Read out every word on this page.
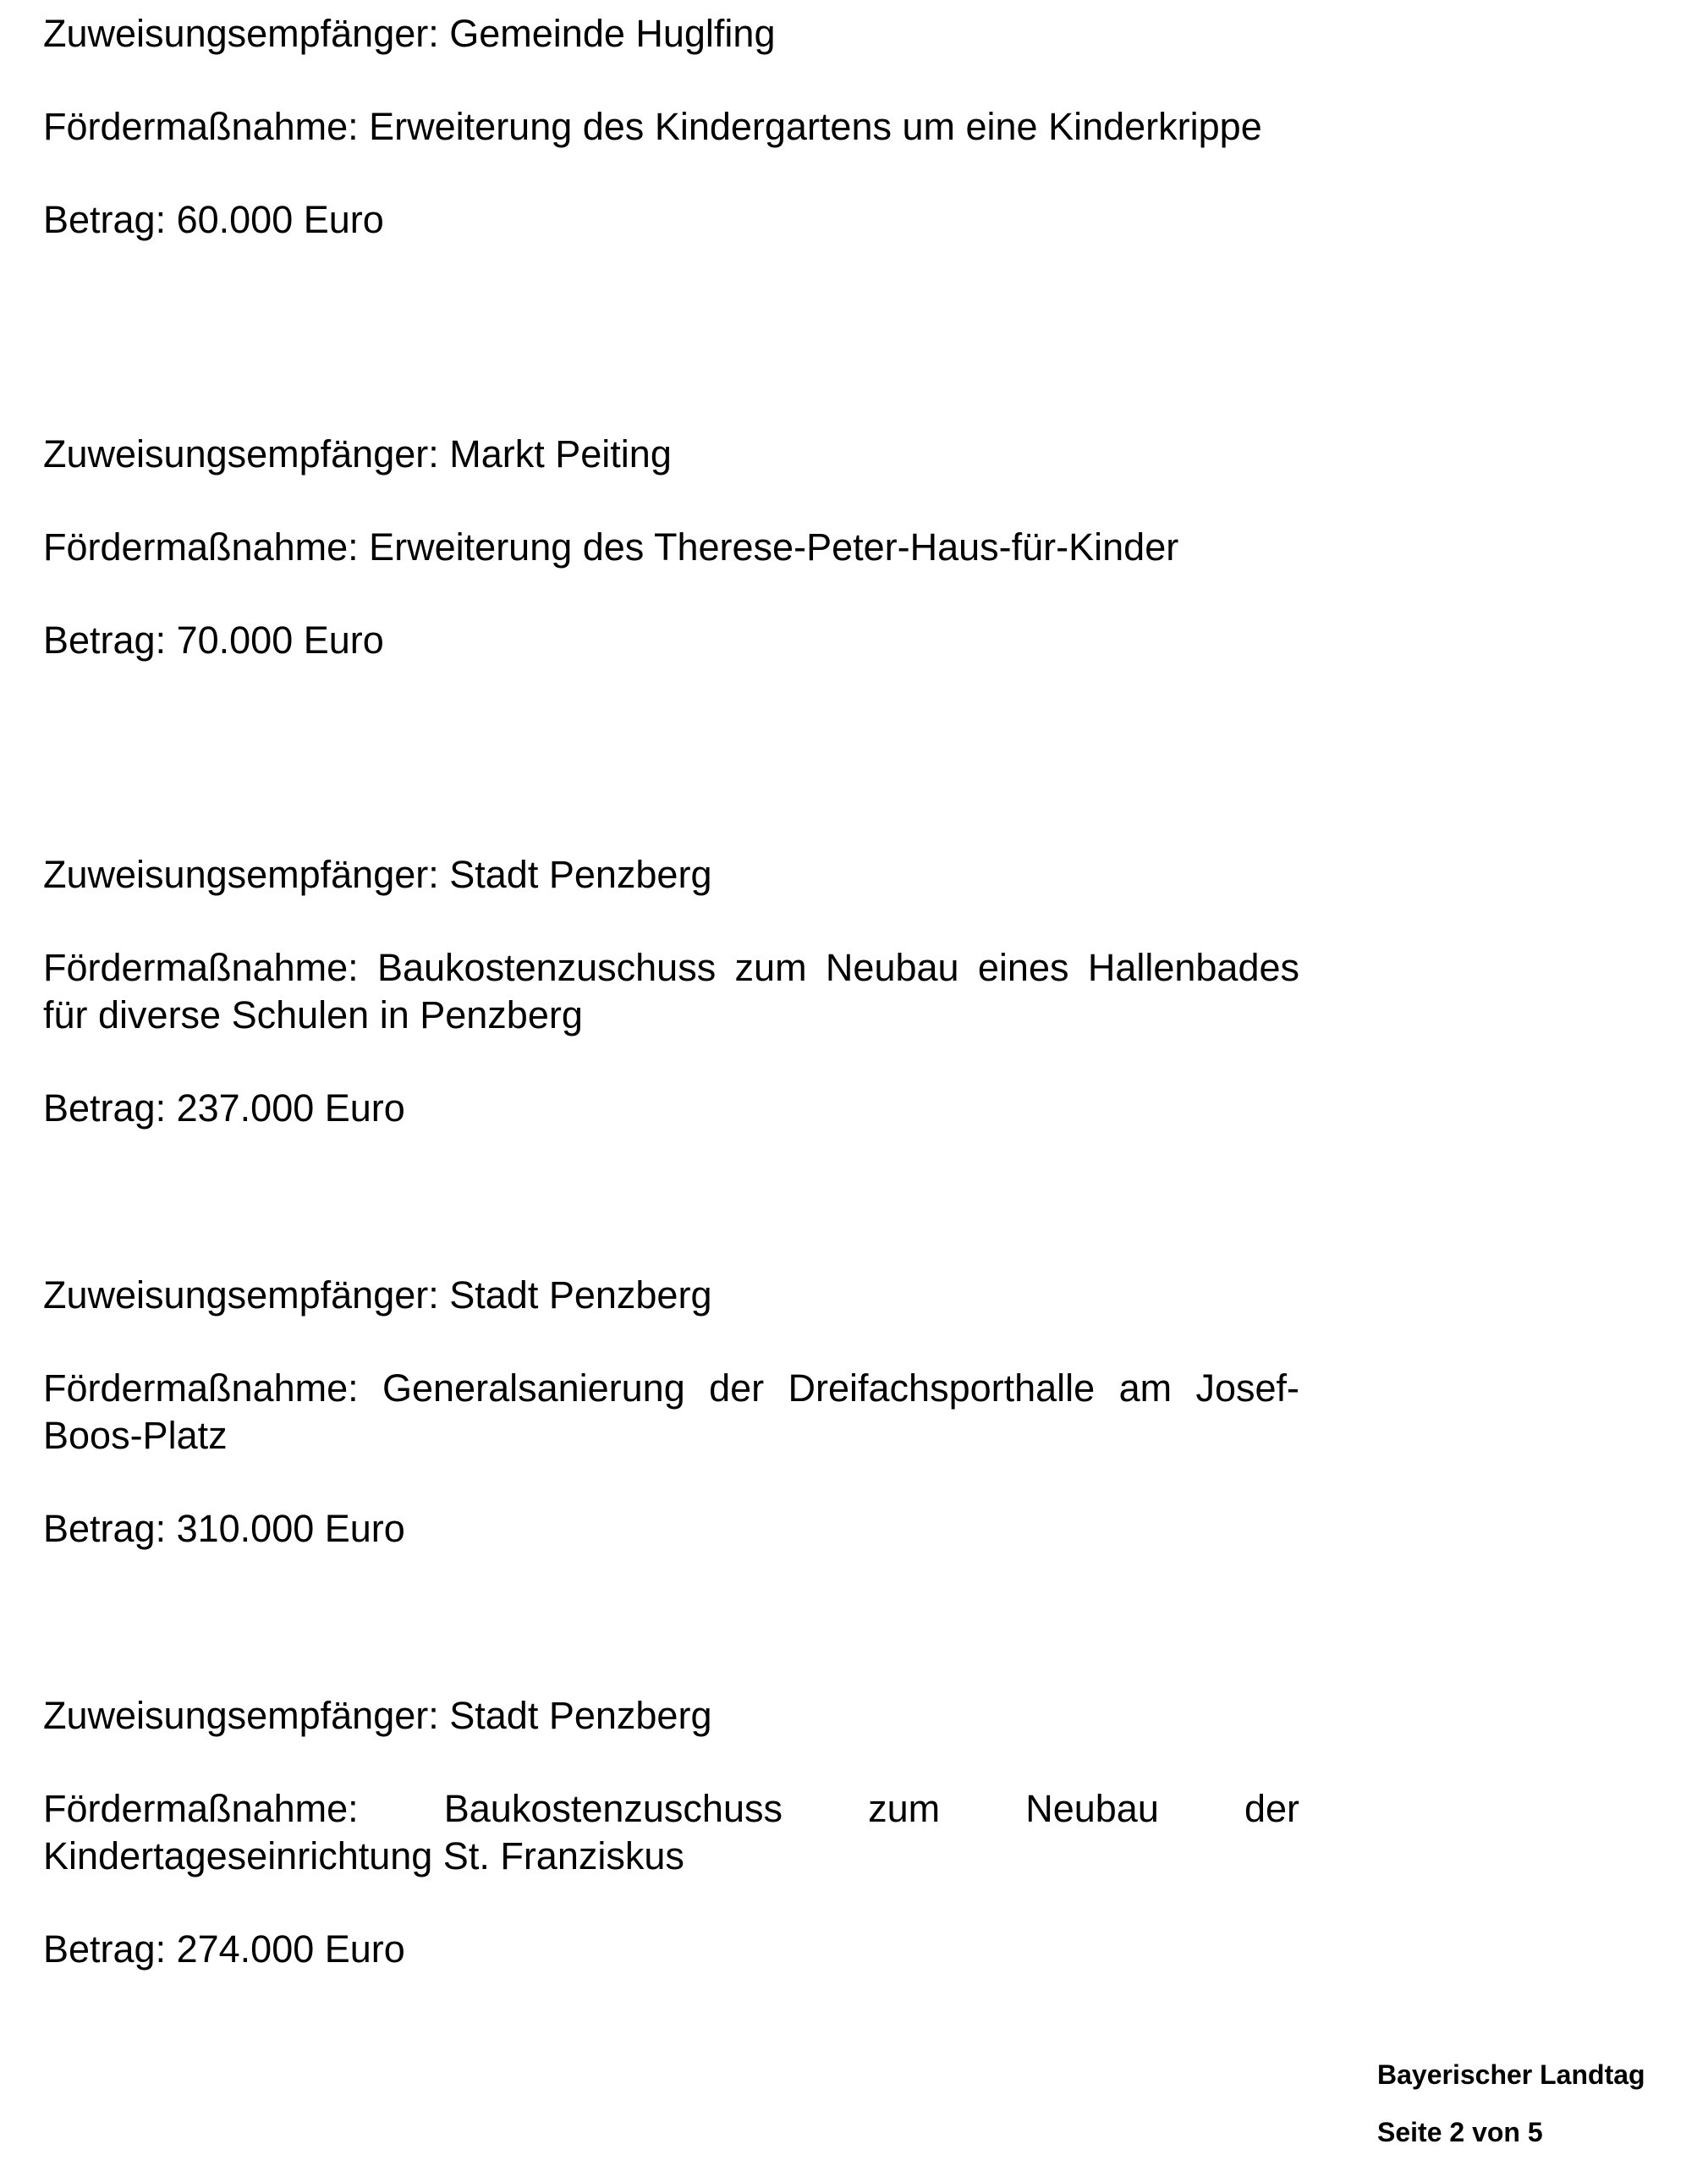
Zuweisungsempfänger: Gemeinde Huglfing

Fördermaßnahme: Erweiterung des Kindergartens um eine Kinderkrippe

Betrag: 60.000 Euro

Zuweisungsempfänger: Markt Peiting

Fördermaßnahme: Erweiterung des Therese-Peter-Haus-für-Kinder

Betrag: 70.000 Euro

Zuweisungsempfänger: Stadt Penzberg

Fördermaßnahme: Baukostenzuschuss zum Neubau eines Hallenbades für diverse Schulen in Penzberg

Betrag: 237.000 Euro

Zuweisungsempfänger: Stadt Penzberg

Fördermaßnahme: Generalsanierung der Dreifachsporthalle am Josef-Boos-Platz

Betrag: 310.000 Euro

Zuweisungsempfänger: Stadt Penzberg

Fördermaßnahme: Baukostenzuschuss zum Neubau der Kindertageseinrichtung St. Franziskus

Betrag: 274.000 Euro

Bayerischer Landtag
Seite 2 von 5
